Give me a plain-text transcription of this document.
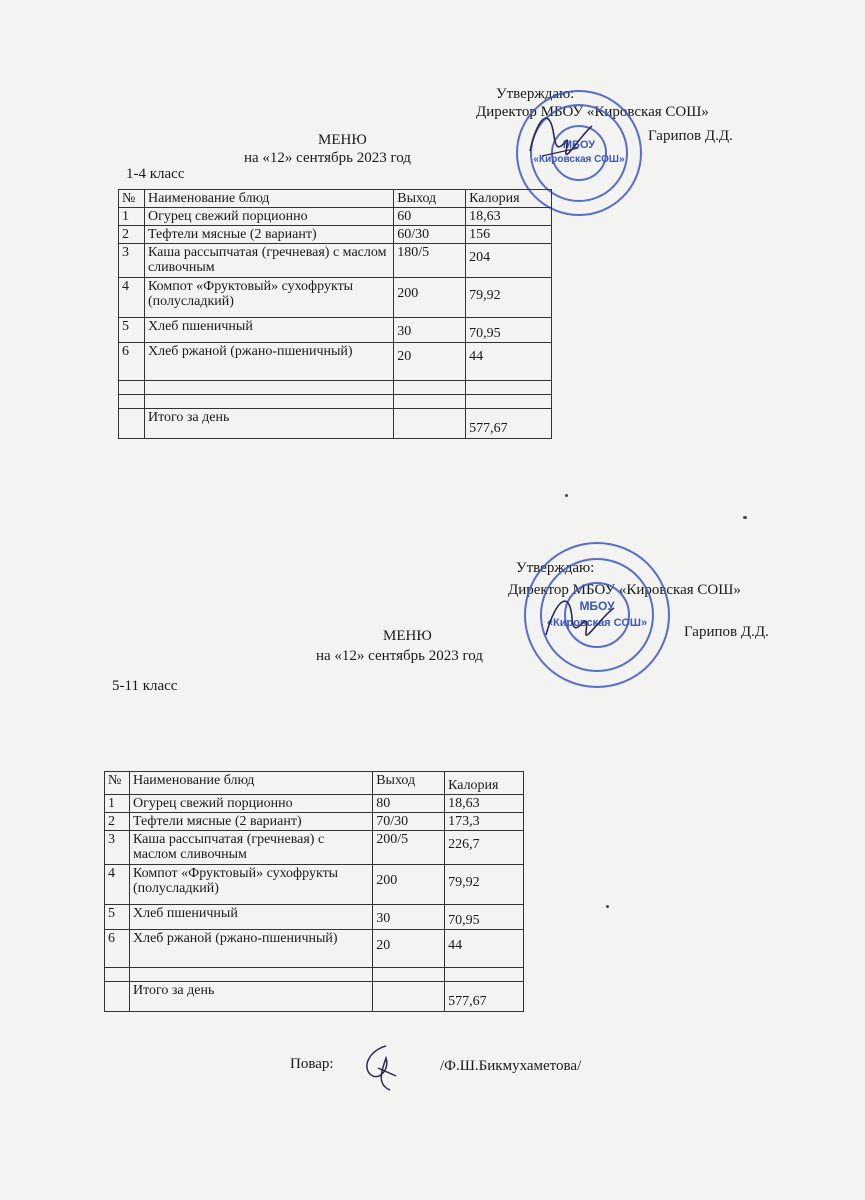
Утверждаю:
Директор МБОУ «Кировская СОШ»
Гарипов Д.Д.
МЕНЮ
на «12» сентябрь 2023 год
1-4 класс
МБОУ
«Кировская СОШ»
№	Наименование блюд	Выход	Калория
1	Огурец свежий порционно	60	18,63
2	Тефтели мясные (2 вариант)	60/30	156
3	Каша рассыпчатая (гречневая) с маслом сливочным	180/5	204
4	Компот «Фруктовый» сухофрукты (полусладкий)	200	79,92
5	Хлеб пшеничный	30	70,95
6	Хлеб ржаной (ржано-пшеничный)	20	44

	Итого за день		577,67
Утверждаю:
Директор МБОУ «Кировская СОШ»
Гарипов Д.Д.
МЕНЮ
на «12» сентябрь 2023 год
5-11 класс
МБОУ
«Кировская СОШ»
№	Наименование блюд	Выход	Калория
1	Огурец свежий порционно	80	18,63
2	Тефтели мясные (2 вариант)	70/30	173,3
3	Каша рассыпчатая (гречневая) с маслом сливочным	200/5	226,7
4	Компот «Фруктовый» сухофрукты (полусладкий)	200	79,92
5	Хлеб пшеничный	30	70,95
6	Хлеб ржаной (ржано-пшеничный)	20	44

	Итого за день		577,67
Повар:	/Ф.Ш.Бикмухаметова/
